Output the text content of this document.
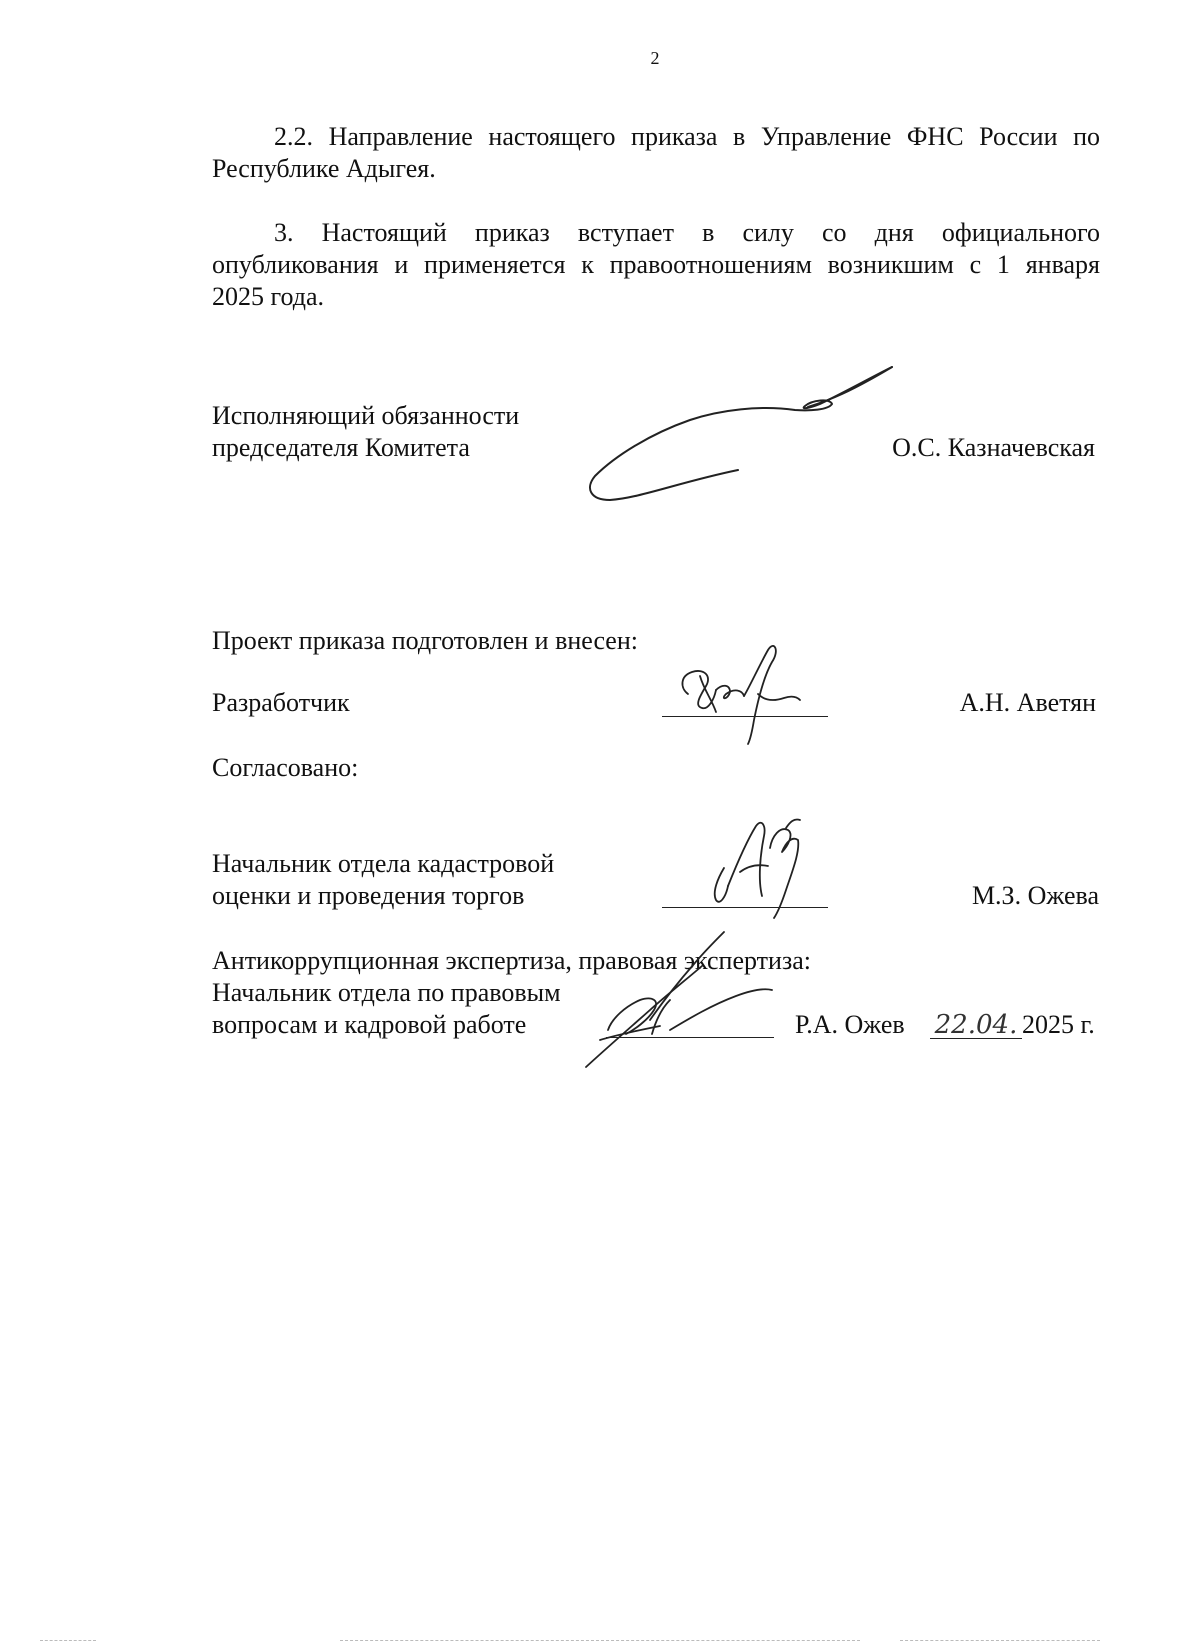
2
2.2. Направление настоящего приказа в Управление ФНС России по
Республике Адыгея.
3. Настоящий приказ вступает в силу со дня официального
опубликования и применяется к правоотношениям возникшим с 1 января
2025 года.
Исполняющий обязанности
председателя Комитета	О.С. Казначевская
Проект приказа подготовлен и внесен:
Разработчик	А.Н. Аветян
Согласовано:
Начальник отдела кадастровой
оценки и проведения торгов	М.З. Ожева
Антикоррупционная экспертиза, правовая экспертиза:
Начальник отдела по правовым
вопросам и кадровой работе	Р.А. Ожев 22.04. 2025 г.
